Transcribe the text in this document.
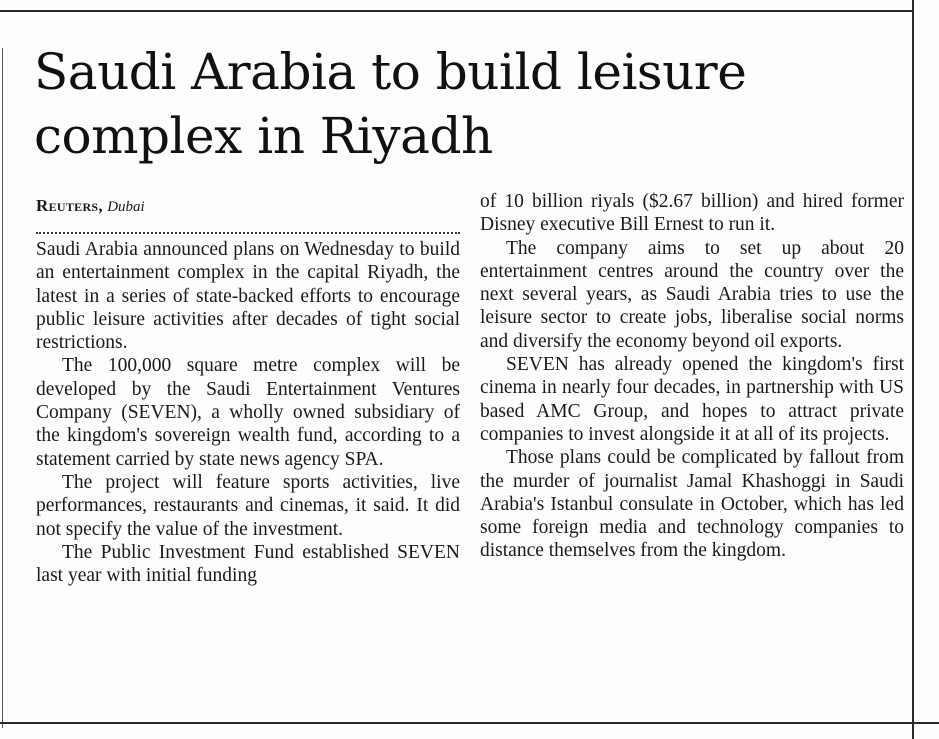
Saudi Arabia to build leisure complex in Riyadh
Reuters, Dubai

Saudi Arabia announced plans on Wednesday to build an entertainment complex in the capital Riyadh, the latest in a series of state-backed efforts to encourage public leisure activities after decades of tight social restrictions.

The 100,000 square metre complex will be developed by the Saudi Entertainment Ventures Company (SEVEN), a wholly owned subsidiary of the kingdom's sovereign wealth fund, according to a statement carried by state news agency SPA.

The project will feature sports activities, live performances, restaurants and cinemas, it said. It did not specify the value of the investment.

The Public Investment Fund established SEVEN last year with initial funding

of 10 billion riyals ($2.67 billion) and hired former Disney executive Bill Ernest to run it.

The company aims to set up about 20 entertainment centres around the country over the next several years, as Saudi Arabia tries to use the leisure sector to create jobs, liberalise social norms and diversify the economy beyond oil exports.

SEVEN has already opened the kingdom's first cinema in nearly four decades, in partnership with US based AMC Group, and hopes to attract private companies to invest alongside it at all of its projects.

Those plans could be complicated by fallout from the murder of journalist Jamal Khashoggi in Saudi Arabia's Istanbul consulate in October, which has led some foreign media and technology companies to distance themselves from the kingdom.
